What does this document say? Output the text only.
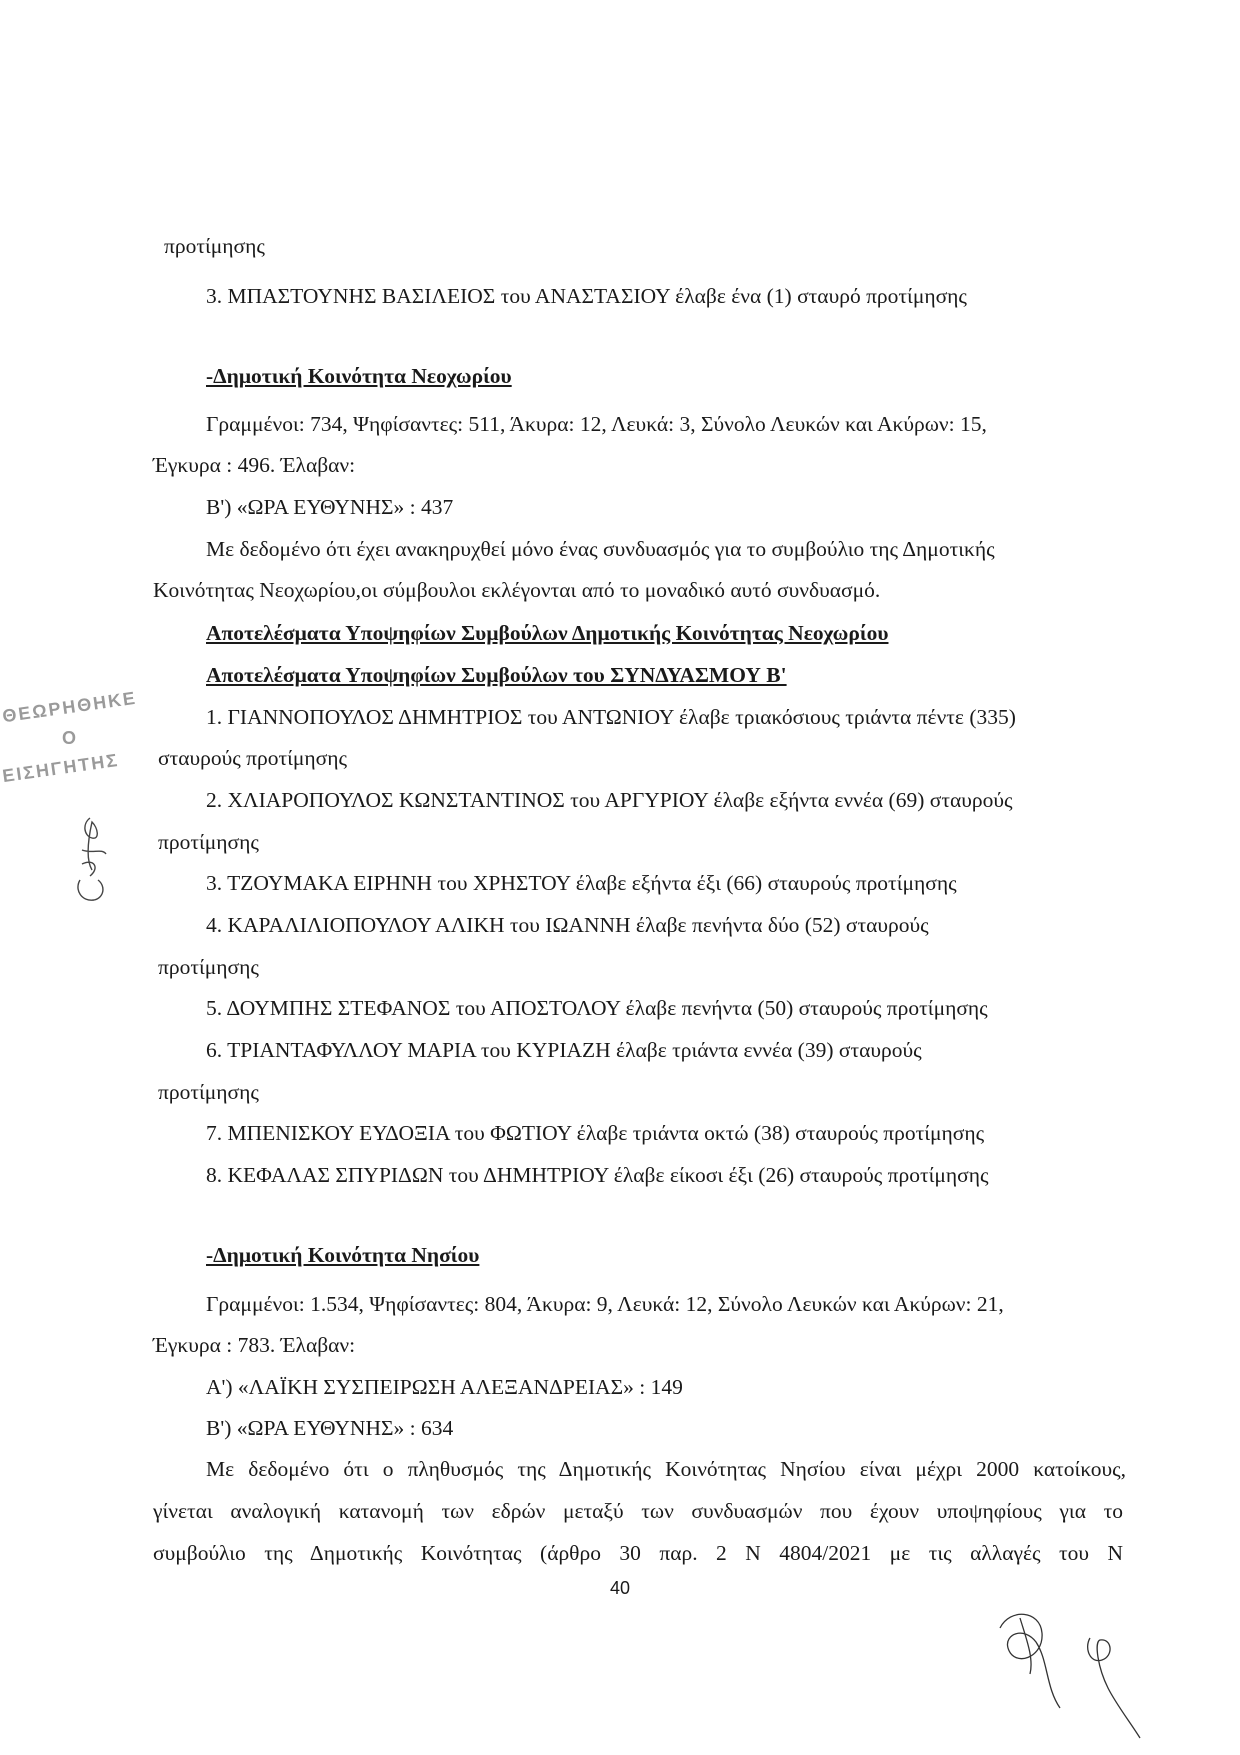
προτίμησης
3. ΜΠΑΣΤΟΥΝΗΣ ΒΑΣΙΛΕΙΟΣ του ΑΝΑΣΤΑΣΙΟΥ έλαβε ένα (1) σταυρό προτίμησης
-Δημοτική Κοινότητα Νεοχωρίου
Γραμμένοι: 734, Ψηφίσαντες: 511, Άκυρα: 12, Λευκά: 3, Σύνολο Λευκών και Ακύρων: 15,
Έγκυρα : 496. Έλαβαν:
Β') «ΩΡΑ ΕΥΘΥΝΗΣ» : 437
Με δεδομένο ότι έχει ανακηρυχθεί μόνο ένας συνδυασμός για το συμβούλιο της Δημοτικής
Κοινότητας Νεοχωρίου,οι σύμβουλοι εκλέγονται από το μοναδικό αυτό συνδυασμό.
Αποτελέσματα Υποψηφίων Συμβούλων Δημοτικής Κοινότητας Νεοχωρίου
Αποτελέσματα Υποψηφίων Συμβούλων του ΣΥΝΔΥΑΣΜΟΥ Β'
1. ΓΙΑΝΝΟΠΟΥΛΟΣ ΔΗΜΗΤΡΙΟΣ του ΑΝΤΩΝΙΟΥ έλαβε τριακόσιους τριάντα πέντε (335)
σταυρούς προτίμησης
2. ΧΛΙΑΡΟΠΟΥΛΟΣ ΚΩΝΣΤΑΝΤΙΝΟΣ του ΑΡΓΥΡΙΟΥ έλαβε εξήντα εννέα (69) σταυρούς
προτίμησης
3. ΤΖΟΥΜΑΚΑ ΕΙΡΗΝΗ του ΧΡΗΣΤΟΥ έλαβε εξήντα έξι (66) σταυρούς προτίμησης
4. ΚΑΡΑΛΙΛΙΟΠΟΥΛΟΥ ΑΛΙΚΗ του ΙΩΑΝΝΗ έλαβε πενήντα δύο (52) σταυρούς
προτίμησης
5. ΔΟΥΜΠΗΣ ΣΤΕΦΑΝΟΣ του ΑΠΟΣΤΟΛΟΥ έλαβε πενήντα (50) σταυρούς προτίμησης
6. ΤΡΙΑΝΤΑΦΥΛΛΟΥ ΜΑΡΙΑ του ΚΥΡΙΑΖΗ έλαβε τριάντα εννέα (39) σταυρούς
προτίμησης
7. ΜΠΕΝΙΣΚΟΥ ΕΥΔΟΞΙΑ του ΦΩΤΙΟΥ έλαβε τριάντα οκτώ (38) σταυρούς προτίμησης
8. ΚΕΦΑΛΑΣ ΣΠΥΡΙΔΩΝ του ΔΗΜΗΤΡΙΟΥ έλαβε είκοσι έξι (26) σταυρούς προτίμησης
-Δημοτική Κοινότητα Νησίου
Γραμμένοι: 1.534, Ψηφίσαντες: 804, Άκυρα: 9, Λευκά: 12, Σύνολο Λευκών και Ακύρων: 21,
Έγκυρα : 783. Έλαβαν:
Α') «ΛΑΪΚΗ ΣΥΣΠΕΙΡΩΣΗ ΑΛΕΞΑΝΔΡΕΙΑΣ» : 149
Β') «ΩΡΑ ΕΥΘΥΝΗΣ» : 634
Με δεδομένο ότι ο πληθυσμός της Δημοτικής Κοινότητας Νησίου είναι μέχρι 2000 κατοίκους,
γίνεται αναλογική κατανομή των εδρών μεταξύ των συνδυασμών που έχουν υποψηφίους για το
συμβούλιο της Δημοτικής Κοινότητας (άρθρο 30 παρ. 2 Ν 4804/2021 με τις αλλαγές του Ν
ΘΕΩΡΗΘΗΚΕ
Ο
ΕΙΣΗΓΗΤΗΣ
40
